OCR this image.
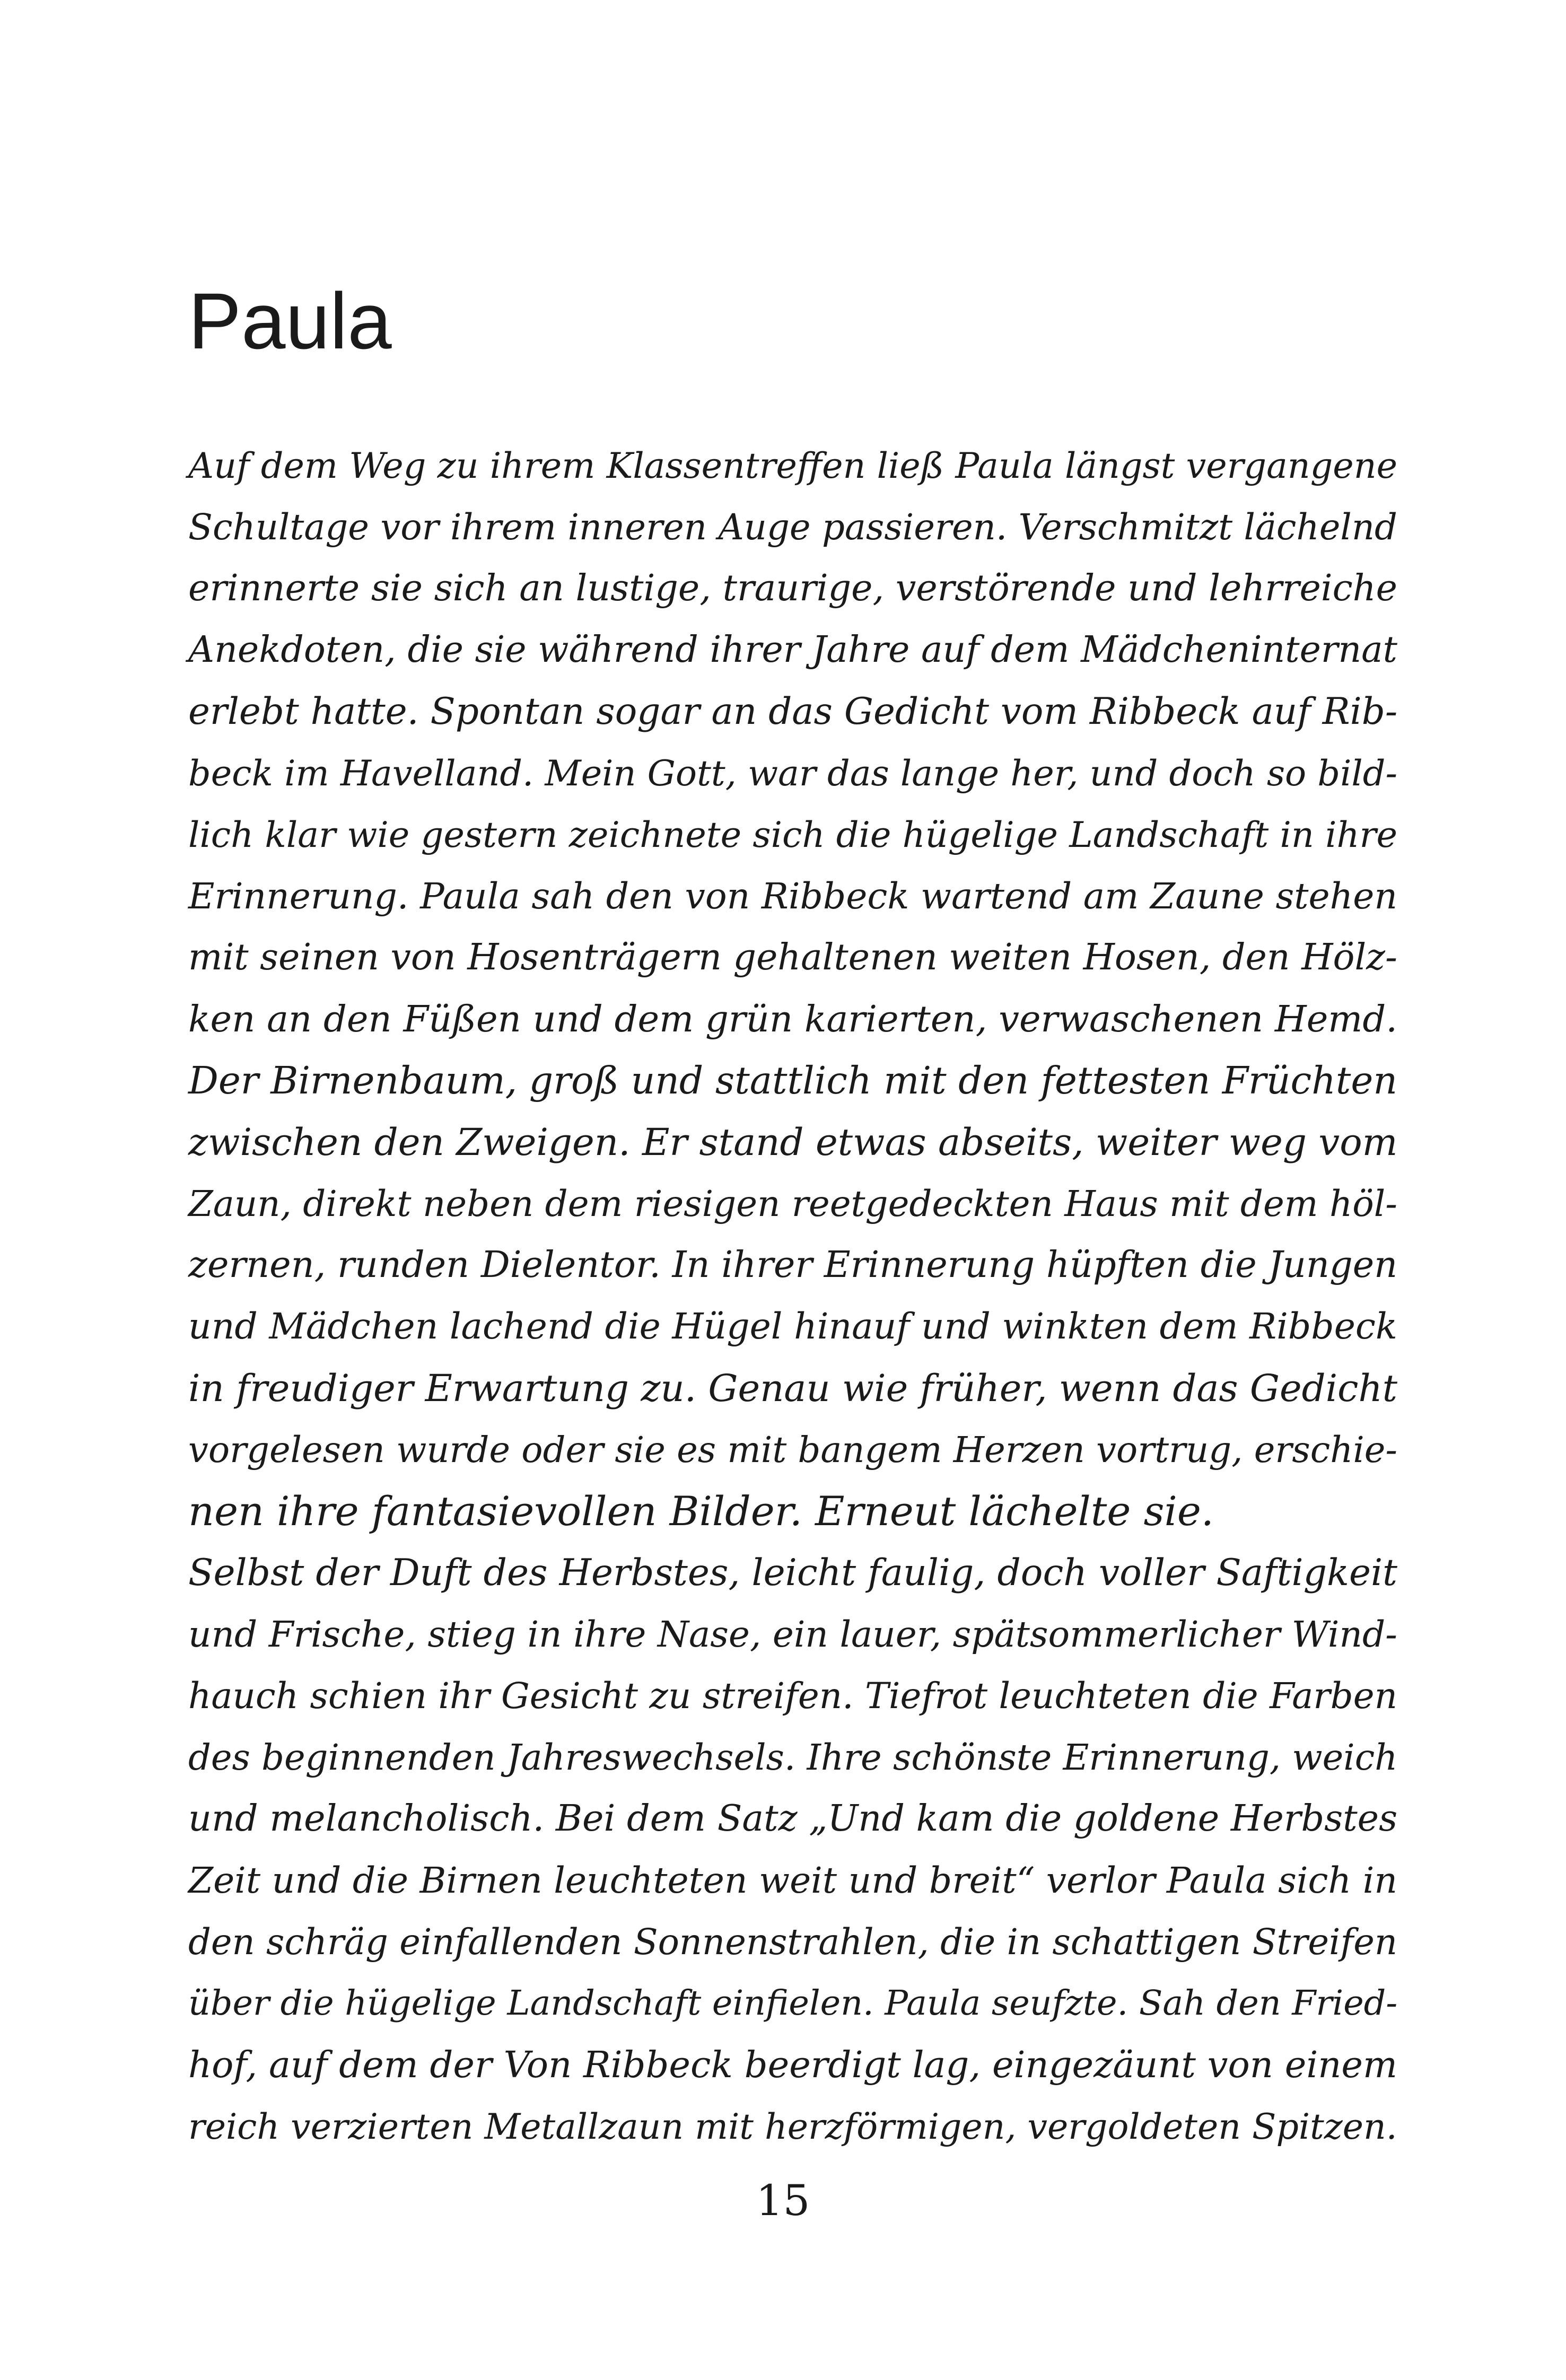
Paula
Auf dem Weg zu ihrem Klassentreffen ließ Paula längst vergangene
Schultage vor ihrem inneren Auge passieren. Verschmitzt lächelnd
erinnerte sie sich an lustige, traurige, verstörende und lehrreiche
Anekdoten, die sie während ihrer Jahre auf dem Mädcheninternat
erlebt hatte. Spontan sogar an das Gedicht vom Ribbeck auf Rib-
beck im Havelland. Mein Gott, war das lange her, und doch so bild-
lich klar wie gestern zeichnete sich die hügelige Landschaft in ihre
Erinnerung. Paula sah den von Ribbeck wartend am Zaune stehen
mit seinen von Hosenträgern gehaltenen weiten Hosen, den Hölz-
ken an den Füßen und dem grün karierten, verwaschenen Hemd.
Der Birnenbaum, groß und stattlich mit den fettesten Früchten
zwischen den Zweigen. Er stand etwas abseits, weiter weg vom
Zaun, direkt neben dem riesigen reetgedeckten Haus mit dem höl-
zernen, runden Dielentor. In ihrer Erinnerung hüpften die Jungen
und Mädchen lachend die Hügel hinauf und winkten dem Ribbeck
in freudiger Erwartung zu. Genau wie früher, wenn das Gedicht
vorgelesen wurde oder sie es mit bangem Herzen vortrug, erschie-
nen ihre fantasievollen Bilder. Erneut lächelte sie.
Selbst der Duft des Herbstes, leicht faulig, doch voller Saftigkeit
und Frische, stieg in ihre Nase, ein lauer, spätsommerlicher Wind-
hauch schien ihr Gesicht zu streifen. Tiefrot leuchteten die Farben
des beginnenden Jahreswechsels. Ihre schönste Erinnerung, weich
und melancholisch. Bei dem Satz „Und kam die goldene Herbstes
Zeit und die Birnen leuchteten weit und breit“ verlor Paula sich in
den schräg einfallenden Sonnenstrahlen, die in schattigen Streifen
über die hügelige Landschaft einfielen. Paula seufzte. Sah den Fried-
hof, auf dem der Von Ribbeck beerdigt lag, eingezäunt von einem
reich verzierten Metallzaun mit herzförmigen, vergoldeten Spitzen.
15
